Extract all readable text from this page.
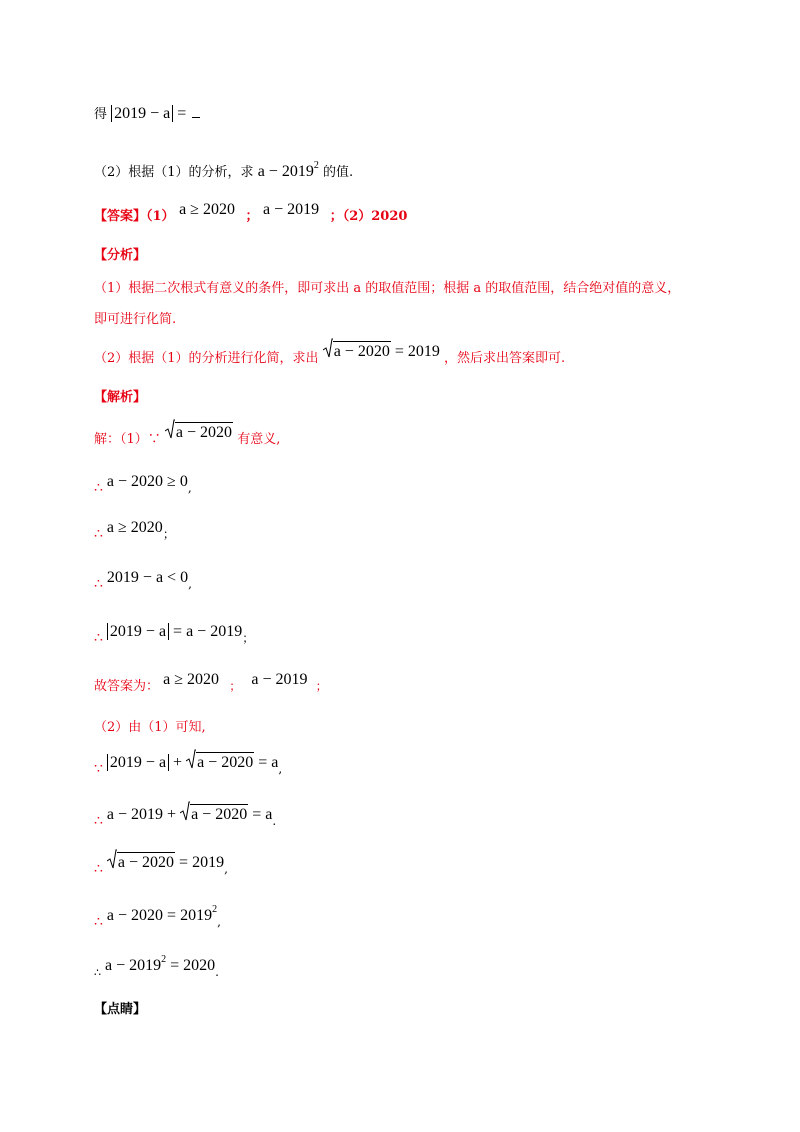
得 2019 − a =
（2）根据（1）的分析，求 $a - 2019^2$ 的值.
【答案】（1） a ≥ 2020 ； a − 2019 ；（2）2020
【分析】
（1）根据二次根式有意义的条件，即可求出 a 的取值范围；根据 a 的取值范围，结合绝对值的意义，
即可进行化简.
（2）根据（1）的分析进行化简，求出 a − 2020 = 2019 ，然后求出答案即可.
【解析】
解：（1）∵ a − 2020 有意义,
∴ a − 2020 ≥ 0,
∴ a ≥ 2020；
∴ 2019 − a < 0,
∴ 2019 − a = a − 2019；
故答案为： a ≥ 2020 ； a − 2019 ；
（2）由（1）可知,
∵ 2019 − a +
a − 2020 = a,
∴ a − 2019 +
a − 2020 = a.
∴ a − 2020 = 2019,
∴ $a - 2020 = 2019^2$,
$_\therefore$ $a - 2019^2 = 2020$.
【点睛】
